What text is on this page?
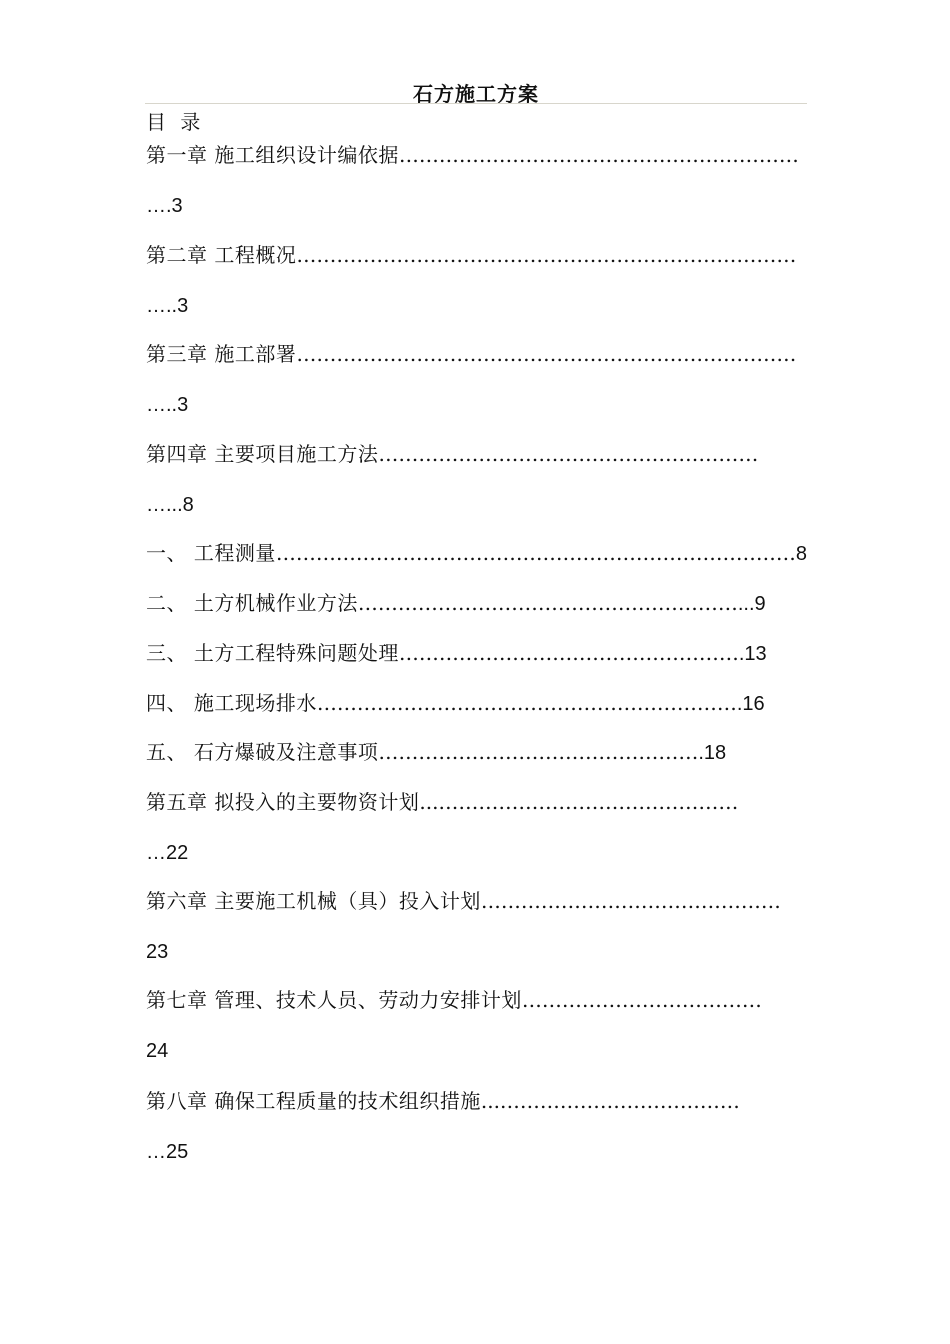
石方施工方案
目 录
第一章 施工组织设计编依据……………………………………………………
….3
第二章 工程概况…………………………………………………………………
…..3
第三章 施工部署…………………………………………………………………
…..3
第四章 主要项目施工方法…………………………………………………
…...8
一、 工程测量……………………………………………………………………8
二、 土方机械作业方法…………………………………………………...9
三、 土方工程特殊问题处理…………………………………………….13
四、 施工现场排水……………………………………………………….16
五、 石方爆破及注意事项………………………………………….18
第五章 拟投入的主要物资计划...………………………………………
…22
第六章 主要施工机械（具）投入计划………………………………………
23
第七章 管理、技术人员、劳动力安排计划………………………………
24
第八章 确保工程质量的技术组织措施...………………………………
…25
